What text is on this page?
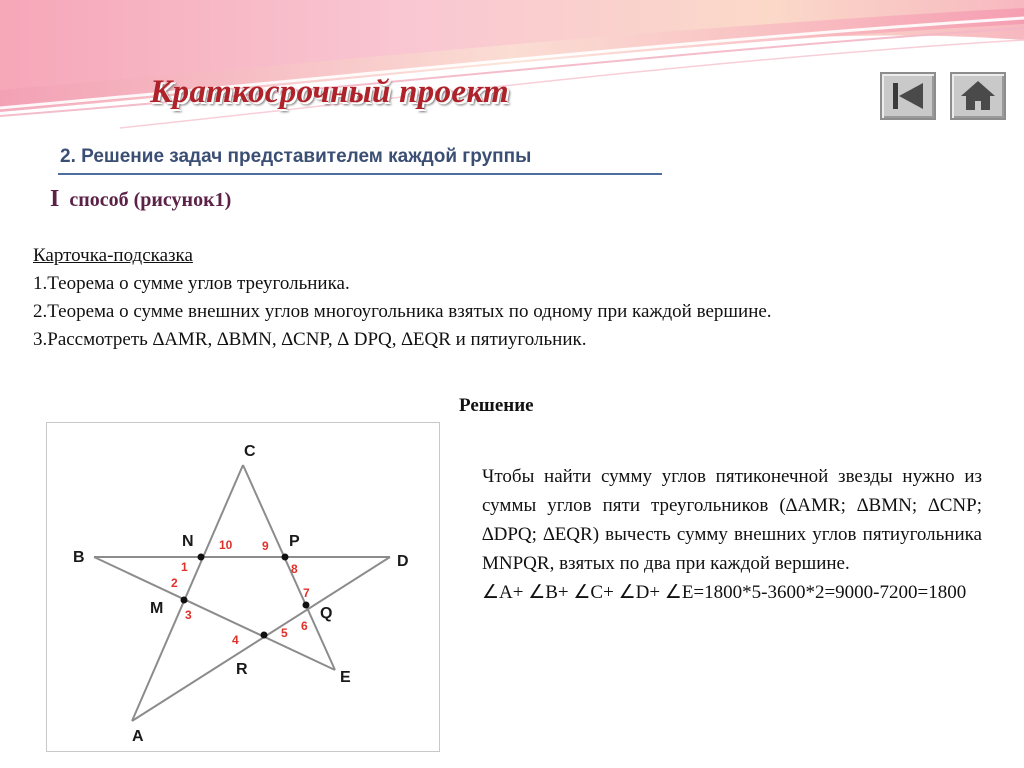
Краткосрочный проект
2. Решение задач представителем каждой группы
I способ (рисунок1)
Карточка-подсказка
1.Теорема о сумме углов треугольника.
2.Теорема о сумме внешних углов многоугольника взятых по одному при каждой вершине.
3.Рассмотреть ∆AMR, ∆BMN, ∆CNP, ∆ DPQ, ∆EQR и пятиугольник.
Решение
C
B	D
N	P
M	Q
R	E
A
10 9
1	8
2
7
3
6
4	5

Чтобы найти сумму углов пятиконечной звезды нужно из суммы углов пяти треугольников (∆AMR; ∆BMN; ∆CNP; ∆DPQ; ∆EQR) вычесть сумму внешних углов пятиугольника MNPQR, взятых по два при каждой вершине.

∠A+ ∠B+ ∠C+ ∠D+ ∠E=1800*5-3600*2=9000-7200=1800
